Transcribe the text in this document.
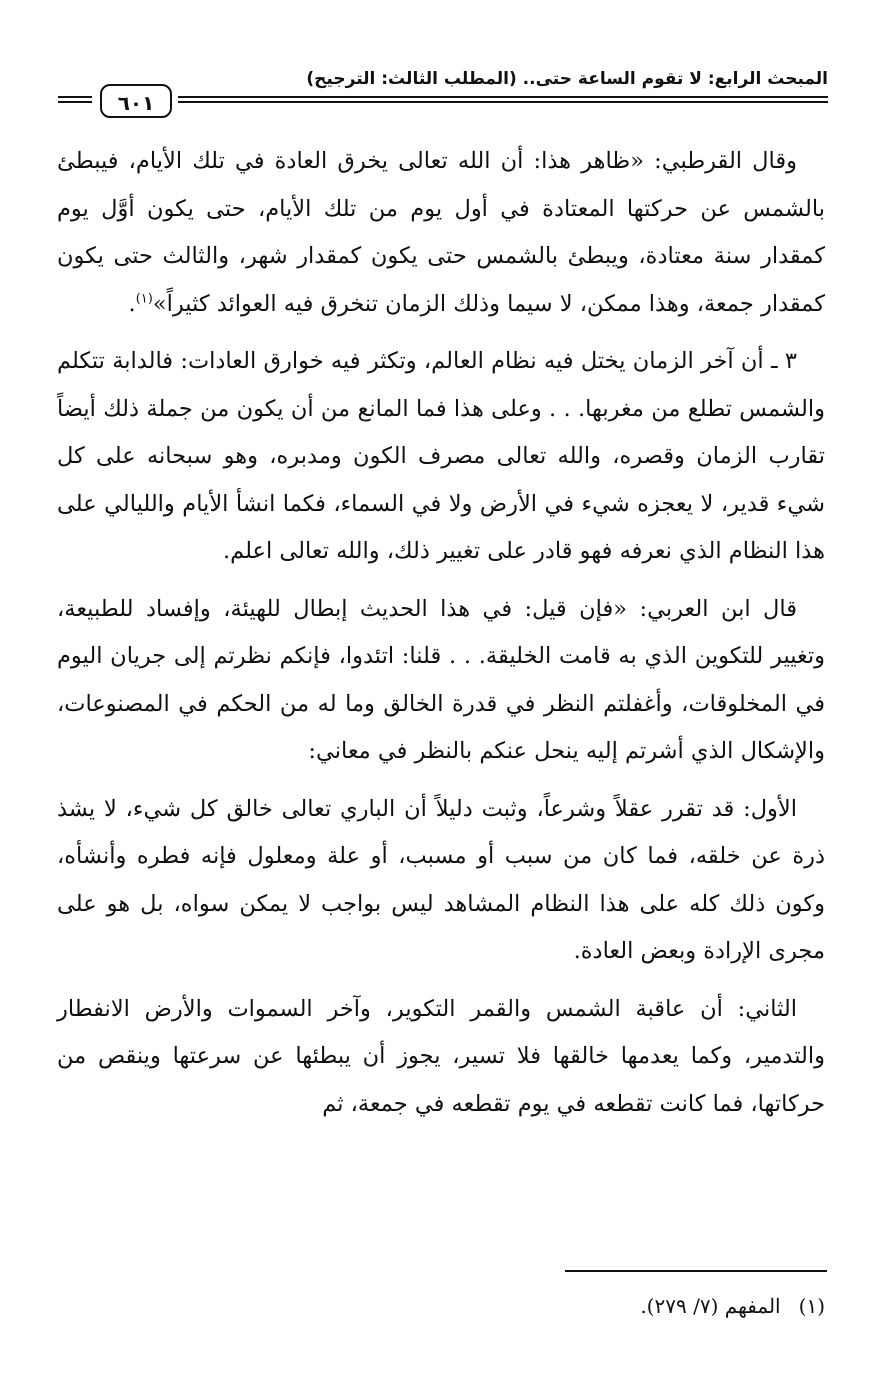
المبحث الرابع: لا تقوم الساعة حتى.. (المطلب الثالث: الترجيح)
٦٠١

وقال القرطبي: «ظاهر هذا: أن الله تعالى يخرق العادة في تلك الأيام، فيبطئ بالشمس عن حركتها المعتادة في أول يوم من تلك الأيام، حتى يكون أوَّل يوم كمقدار سنة معتادة، ويبطئ بالشمس حتى يكون كمقدار شهر، والثالث حتى يكون كمقدار جمعة، وهذا ممكن، لا سيما وذلك الزمان تنخرق فيه العوائد كثيراً»$^{(١)}$.

٣ ـ أن آخر الزمان يختل فيه نظام العالم، وتكثر فيه خوارق العادات: فالدابة تتكلم والشمس تطلع من مغربها. . . وعلى هذا فما المانع من أن يكون من جملة ذلك أيضاً تقارب الزمان وقصره، والله تعالى مصرف الكون ومدبره، وهو سبحانه على كل شيء قدير، لا يعجزه شيء في الأرض ولا في السماء، فكما انشأ الأيام والليالي على هذا النظام الذي نعرفه فهو قادر على تغيير ذلك، والله تعالى اعلم.

قال ابن العربي: «فإن قيل: في هذا الحديث إبطال للهيئة، وإفساد للطبيعة، وتغيير للتكوين الذي به قامت الخليقة. . . قلنا: اتئدوا، فإنكم نظرتم إلى جريان اليوم في المخلوقات، وأغفلتم النظر في قدرة الخالق وما له من الحكم في المصنوعات، والإشكال الذي أشرتم إليه ينحل عنكم بالنظر في معاني:

الأول: قد تقرر عقلاً وشرعاً، وثبت دليلاً أن الباري تعالى خالق كل شيء، لا يشذ ذرة عن خلقه، فما كان من سبب أو مسبب، أو علة ومعلول فإنه فطره وأنشأه، وكون ذلك كله على هذا النظام المشاهد ليس بواجب لا يمكن سواه، بل هو على مجرى الإرادة وبعض العادة.

الثاني: أن عاقبة الشمس والقمر التكوير، وآخر السموات والأرض الانفطار والتدمير، وكما يعدمها خالقها فلا تسير، يجوز أن يبطئها عن سرعتها وينقص من حركاتها، فما كانت تقطعه في يوم تقطعه في جمعة، ثم

(١)المفهم (٧/ ٢٧٩).
